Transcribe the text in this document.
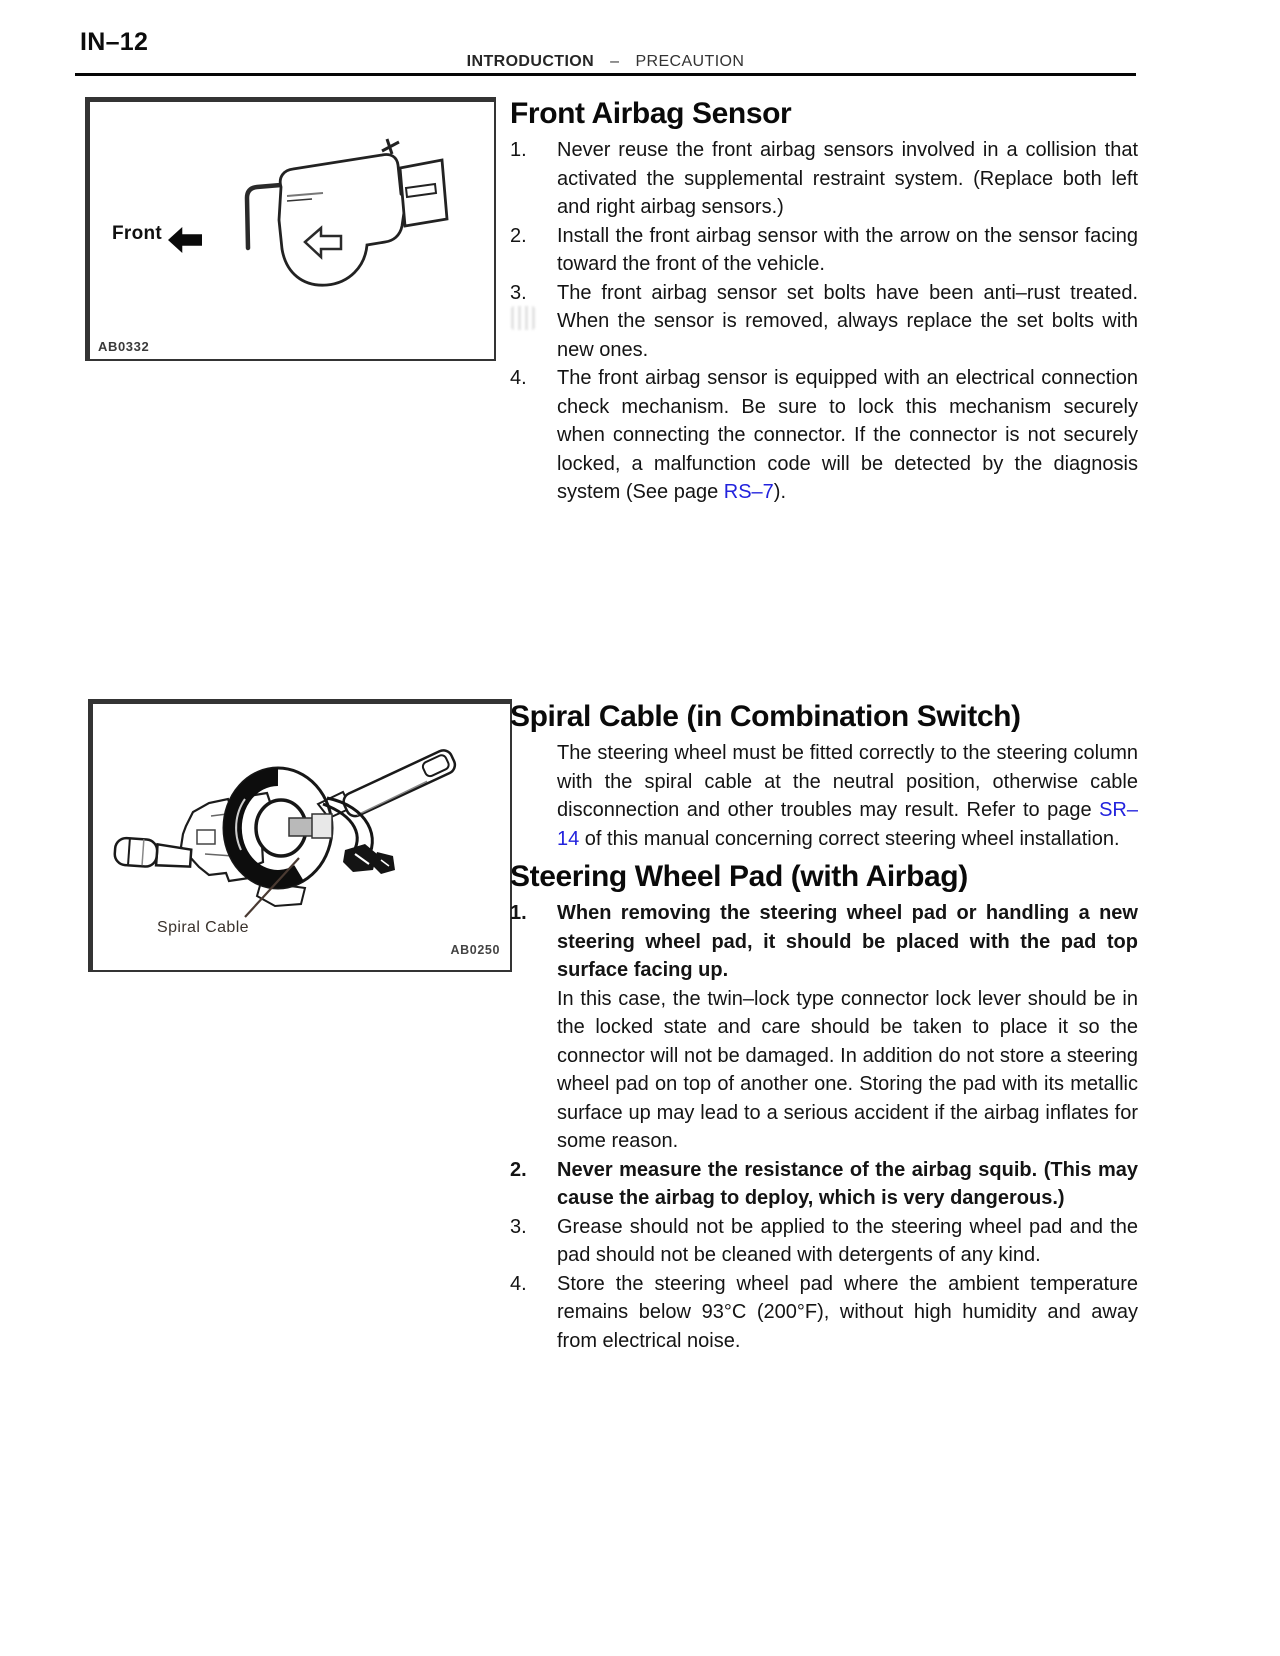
IN–12
INTRODUCTION – PRECAUTION
Front
AB0332
Front Airbag Sensor
1. Never reuse the front airbag sensors involved in a collision that activated the supplemental restraint system. (Replace both left and right airbag sensors.)
2. Install the front airbag sensor with the arrow on the sensor facing toward the front of the vehicle.
3. The front airbag sensor set bolts have been anti–rust treated. When the sensor is removed, always replace the set bolts with new ones.
4. The front airbag sensor is equipped with an electrical connection check mechanism. Be sure to lock this mechanism securely when connecting the connector. If the connector is not securely locked, a malfunction code will be detected by the diagnosis system (See page RS–7).
Spiral Cable
AB0250
Spiral Cable (in Combination Switch)

The steering wheel must be fitted correctly to the steering column with the spiral cable at the neutral position, otherwise cable disconnection and other troubles may result. Refer to page SR–14 of this manual concerning correct steering wheel installation.

Steering Wheel Pad (with Airbag)
1. When removing the steering wheel pad or handling a new steering wheel pad, it should be placed with the pad top surface facing up.
In this case, the twin–lock type connector lock lever should be in the locked state and care should be taken to place it so the connector will not be damaged. In addition do not store a steering wheel pad on top of another one. Storing the pad with its metallic surface up may lead to a serious accident if the airbag inflates for some reason.
2. Never measure the resistance of the airbag squib. (This may cause the airbag to deploy, which is very dangerous.)
3. Grease should not be applied to the steering wheel pad and the pad should not be cleaned with detergents of any kind.
4. Store the steering wheel pad where the ambient temperature remains below 93°C (200°F), without high humidity and away from electrical noise.
